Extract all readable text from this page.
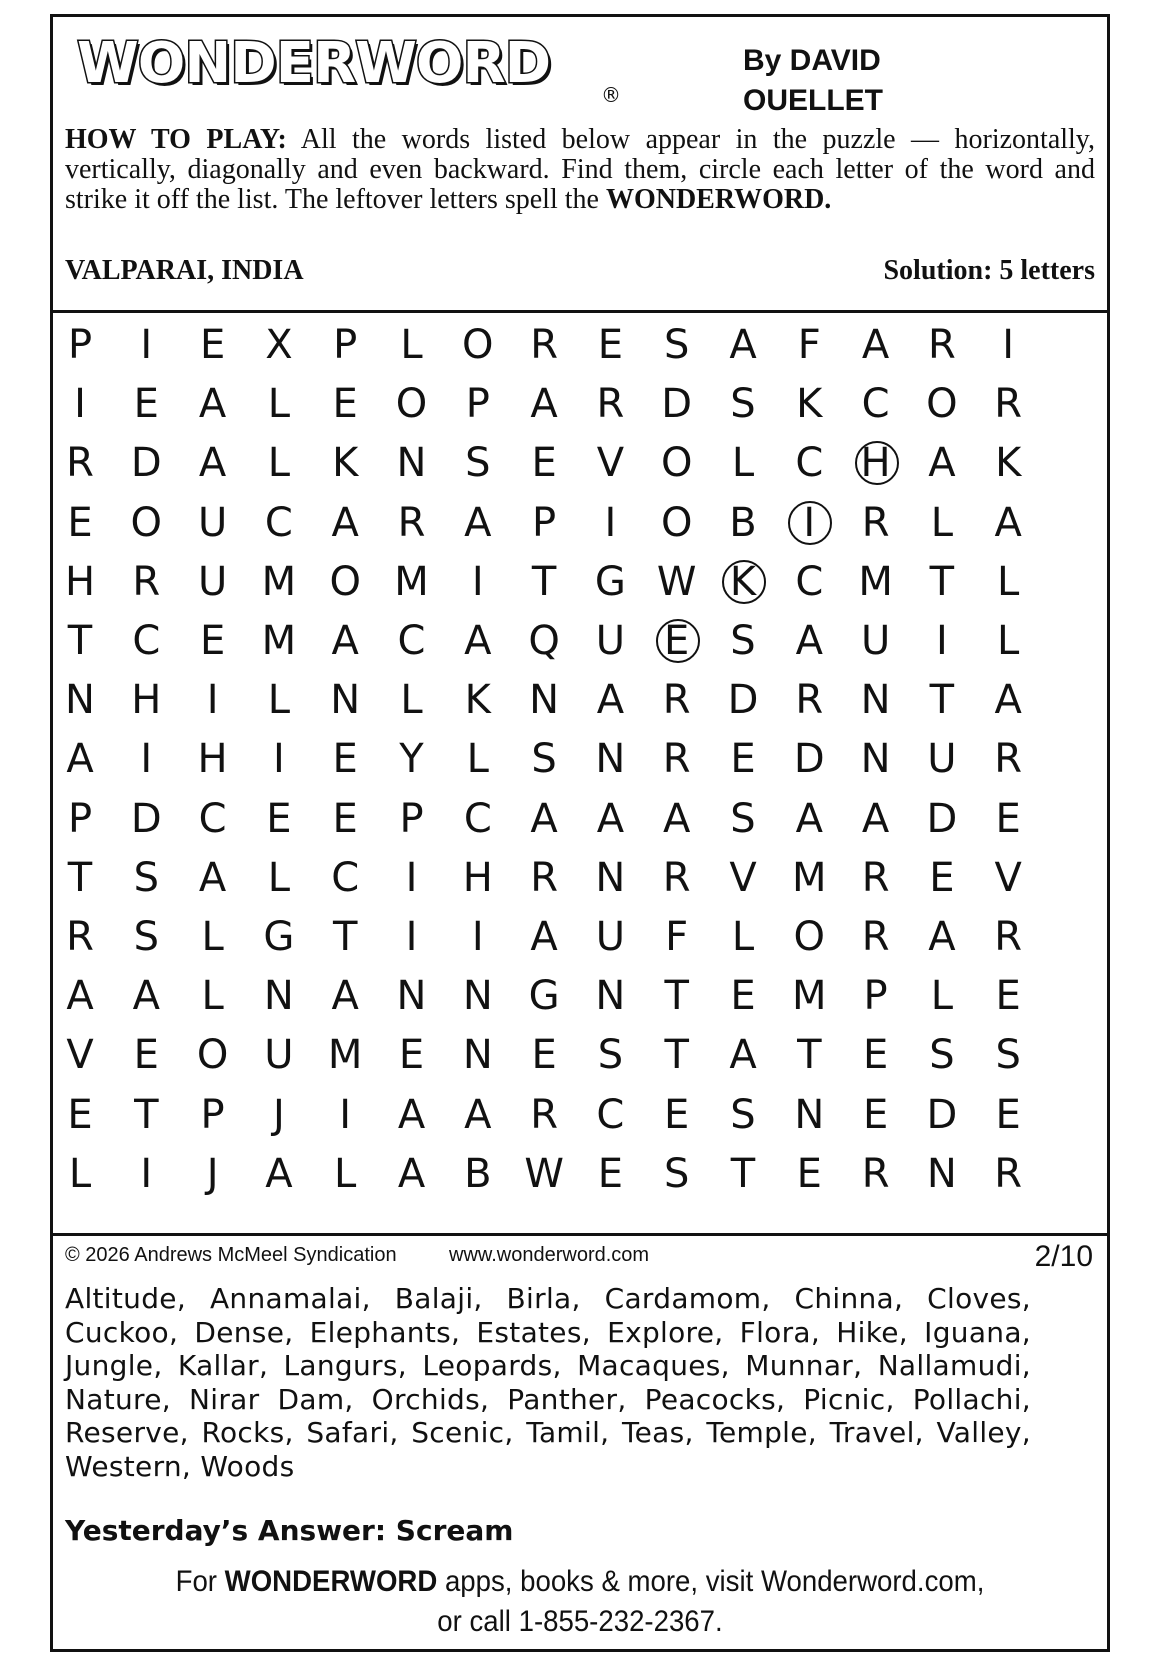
WONDERWORD	®
By DAVID
OUELLET
HOW TO PLAY: All the words listed below appear in the puzzle — horizontally, vertically, diagonally and even backward. Find them, circle each letter of the word and strike it off the list. The leftover letters spell the WONDERWORD.
VALPARAI, INDIA	Solution: 5 letters
P	I	E X	P	L O R E	S A	F	A R	I
I	E A	L	E O P	A R D S	K C O R
R D A	L	K N S	E V O L	C H A K
E O U C A R A	P	I	O B	I	R	L	A
H R U M O M	I	T G W K C M T	L
T	C E M A C A Q U E	S A U	I	L
N H	I	L	N	L	K N A R D R N T	A
A	I	H	I	E	Y	L	S N R E D N U R
P D C E	E	P	C A A A S A A D E
T	S A	L	C	I	H R N R V M R E V
R S	L G T	I	I	A U	F	L O R A R
A A	L	N A N N G N T	E M P	L	E
V E O U M E N E	S	T	A	T	E	S	S
E	T	P	J	I	A A R C E	S N E D E
L	I	J	A	L	A B W E	S	T	E R N R
© 2026 Andrews McMeel Syndication	www.wonderword.com	2/10
Altitude, Annamalai, Balaji, Birla, Cardamom, Chinna, Cloves, Cuckoo, Dense, Elephants, Estates, Explore, Flora, Hike, Iguana, Jungle, Kallar, Langurs, Leopards, Macaques, Munnar, Nallamudi, Nature, Nirar Dam, Orchids, Panther, Peacocks, Picnic, Pollachi, Reserve, Rocks, Safari, Scenic, Tamil, Teas, Temple, Travel, Valley, Western, Woods
Yesterday’s Answer: Scream
For WONDERWORD apps, books & more, visit Wonderword.com,
or call 1-855-232-2367.
